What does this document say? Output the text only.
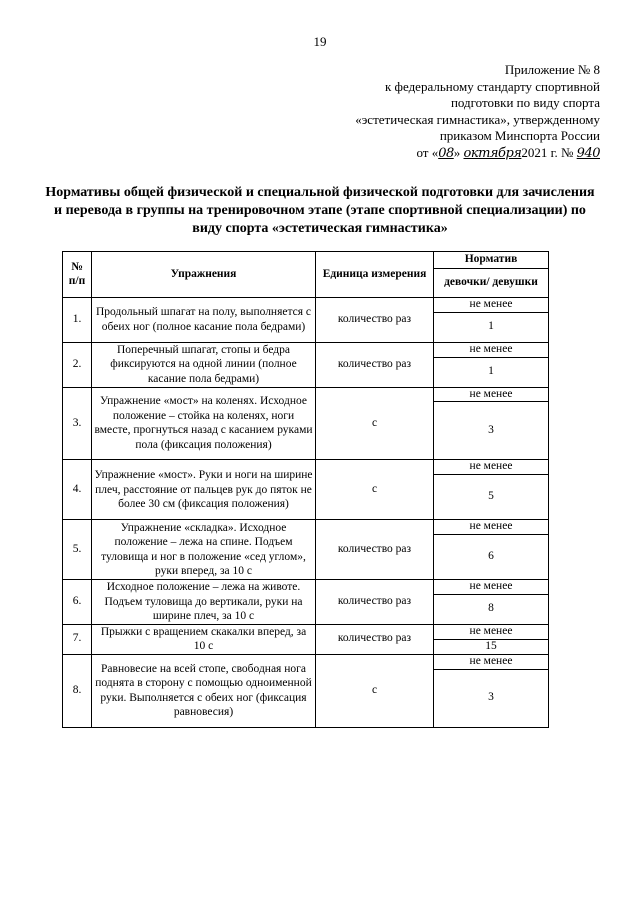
19
Приложение № 8
к федеральному стандарту спортивной
подготовки по виду спорта
«эстетическая гимнастика», утвержденному
приказом Минспорта России
от «08» октября2021 г. № 940
Нормативы общей физической и специальной физической подготовки для зачисления и перевода в группы на тренировочном этапе (этапе спортивной специализации) по виду спорта «эстетическая гимнастика»
№ п/п	Упражнения	Единица измерения	Норматив
			девочки/ девушки
1.	Продольный шпагат на полу, выполняется с обеих ног (полное касание пола бедрами)	количество раз	не менее
			1
2.	Поперечный шпагат, стопы и бедра фиксируются на одной линии (полное касание пола бедрами)	количество раз	не менее
			1
3.	Упражнение «мост» на коленях. Исходное положение – стойка на коленях, ноги вместе, прогнуться назад с касанием руками пола (фиксация положения)	с	не менее
			3
4.	Упражнение «мост». Руки и ноги на ширине плеч, расстояние от пальцев рук до пяток не более 30 см (фиксация положения)	с	не менее
			5
5.	Упражнение «складка». Исходное положение – лежа на спине. Подъем туловища и ног в положение «сед углом», руки вперед, за 10 с	количество раз	не менее
			6
6.	Исходное положение – лежа на животе. Подъем туловища до вертикали, руки на ширине плеч, за 10 с	количество раз	не менее
			8
7.	Прыжки с вращением скакалки вперед, за 10 с	количество раз	не менее
			15
8.	Равновесие на всей стопе, свободная нога поднята в сторону с помощью одноименной руки. Выполняется с обеих ног (фиксация равновесия)	с	не менее
			3
